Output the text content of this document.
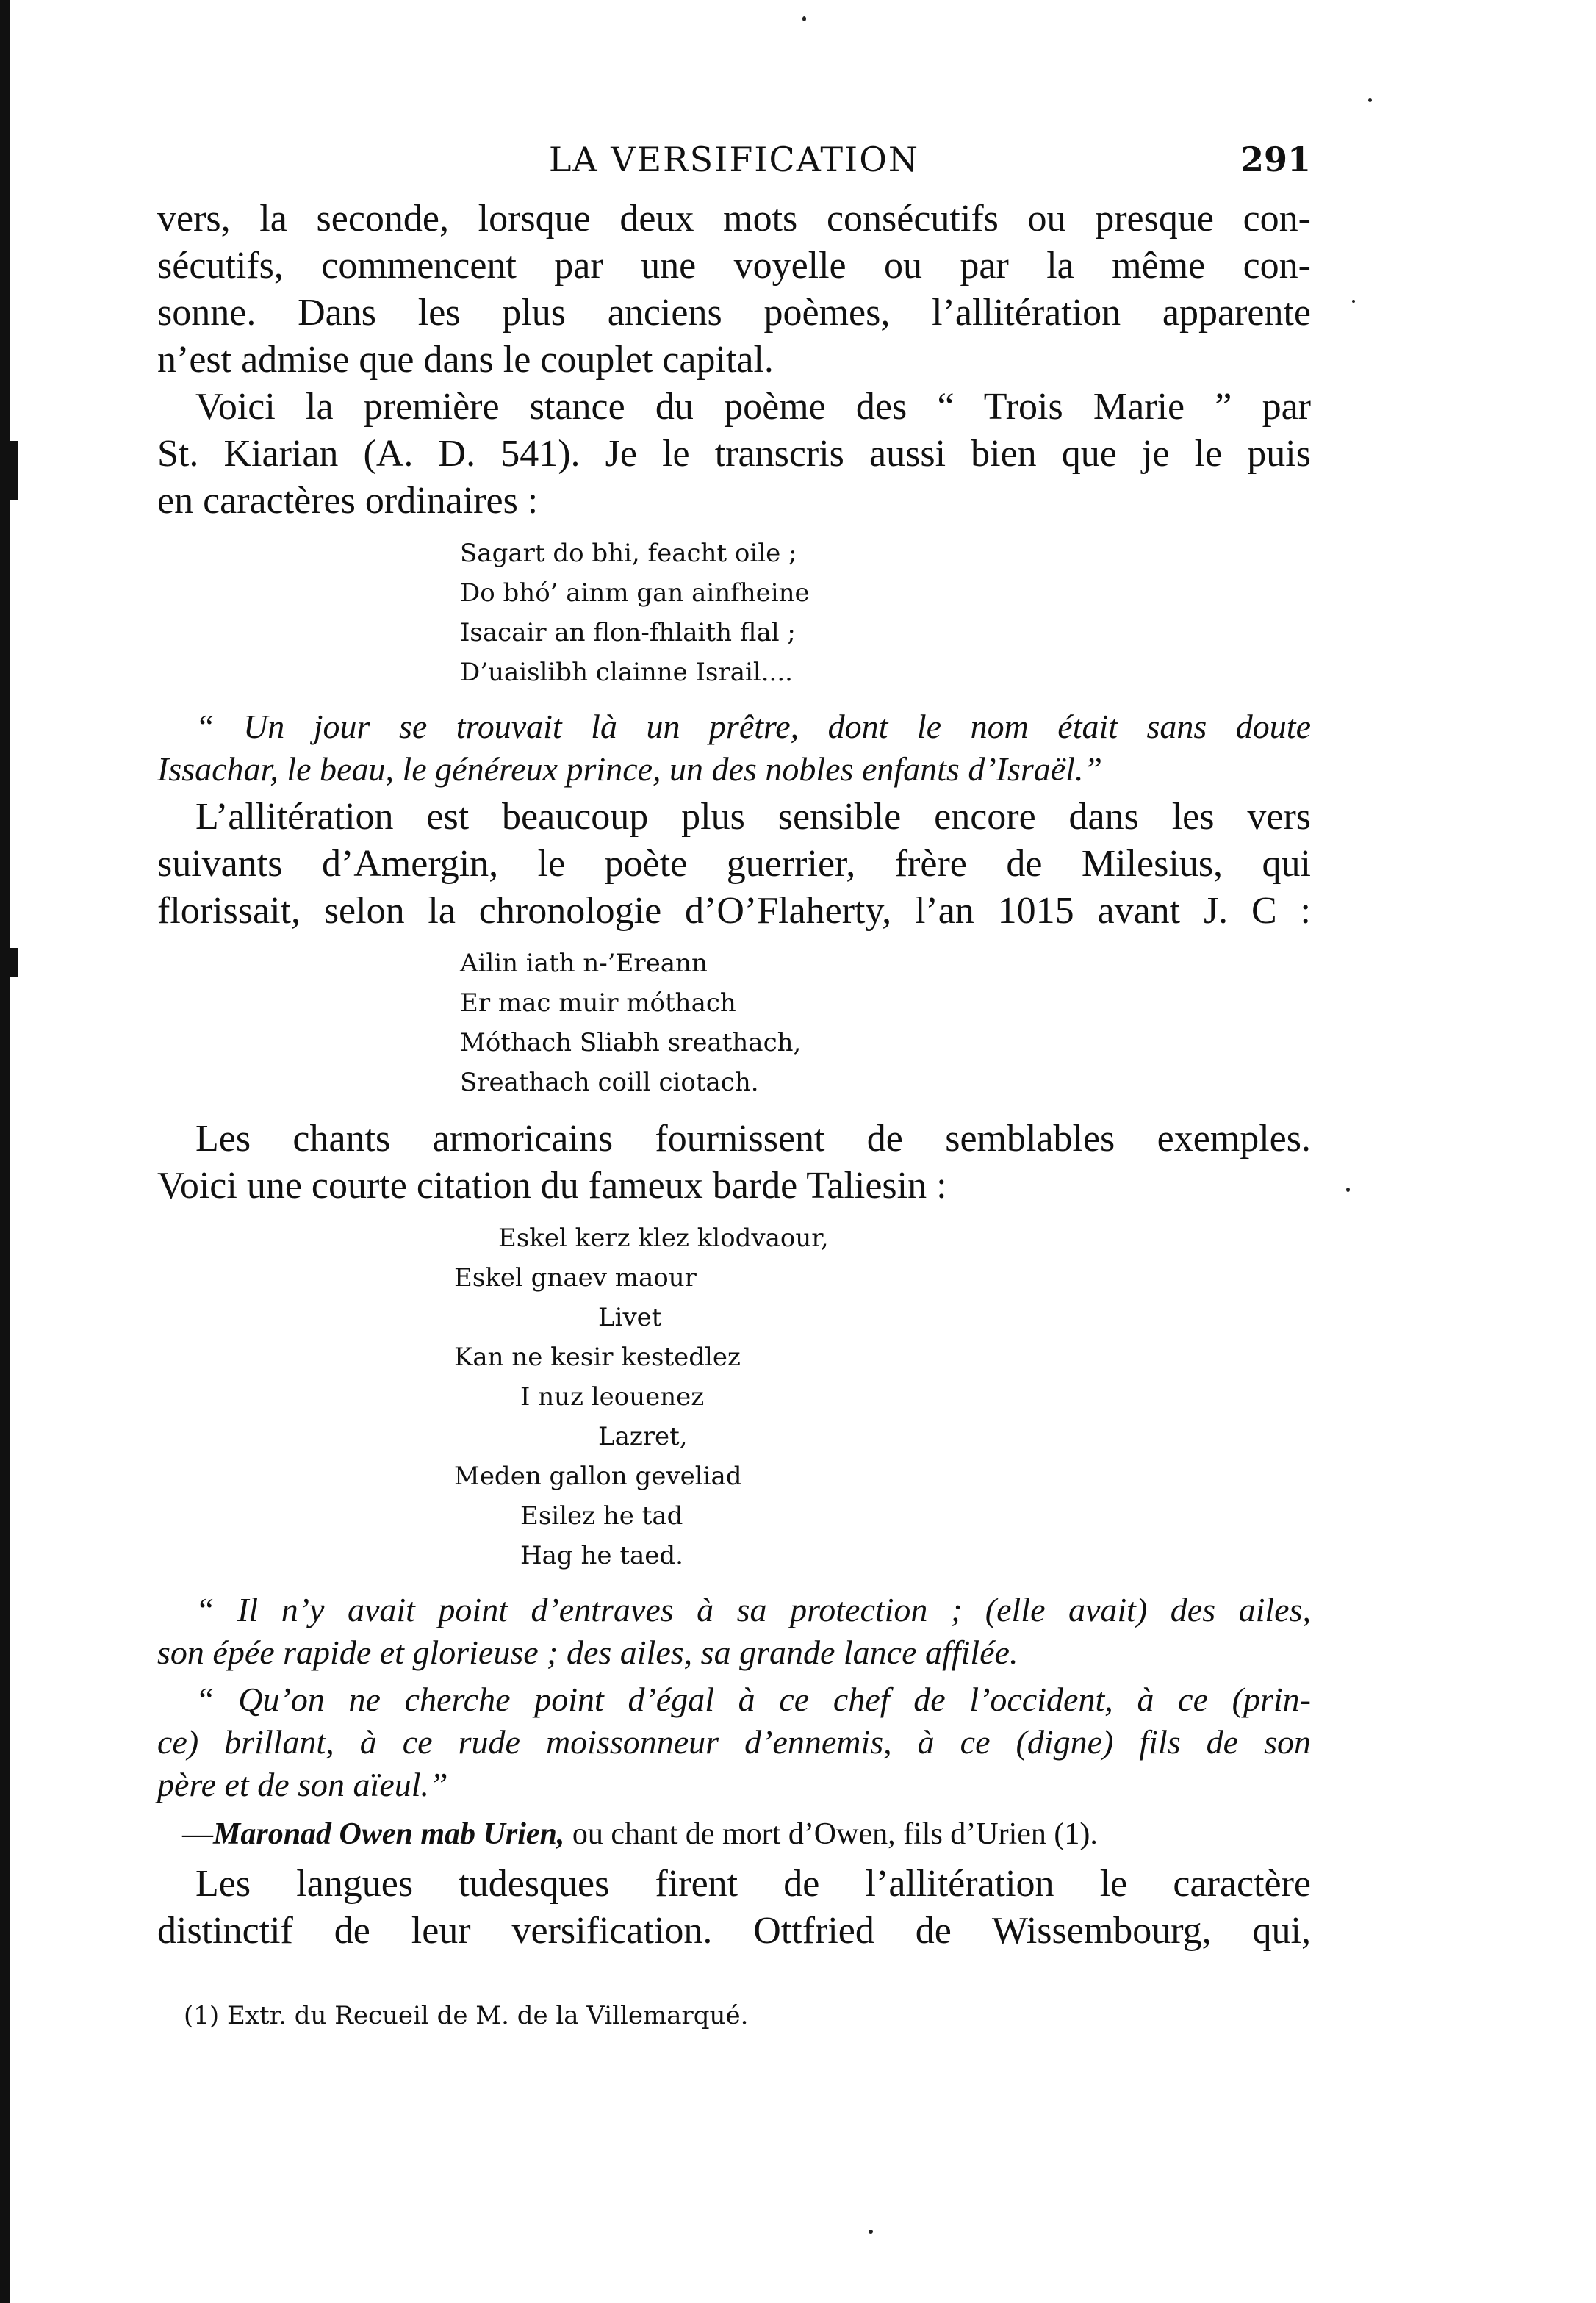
LA VERSIFICATION	291

vers, la seconde, lorsque deux mots consécutifs ou presque con-
sécutifs, commencent par une voyelle ou par la même con-
sonne. Dans les plus anciens poèmes, l’allitération apparente
n’est admise que dans le couplet capital.

Voici la première stance du poème des “ Trois Marie ” par
St. Kiarian (A. D. 541). Je le transcris aussi bien que je le puis
en caractères ordinaires :

Sagart do bhi, feacht oile ;
Do bhó’ ainm gan ainfheine
Isacair an flon-fhlaith flal ;
D’uaislibh clainne Israil....
“ Un jour se trouvait là un prêtre, dont le nom était sans doute
Issachar, le beau, le généreux prince, un des nobles enfants d’Israël.”

L’allitération est beaucoup plus sensible encore dans les vers
suivants d’Amergin, le poète guerrier, frère de Milesius, qui
florissait, selon la chronologie d’O’Flaherty, l’an 1015 avant J. C :

Ailin iath n-’Ereann
Er mac muir móthach
Móthach Sliabh sreathach,
Sreathach coill ciotach.

Les chants armoricains fournissent de semblables exemples.
Voici une courte citation du fameux barde Taliesin :

Eskel kerz klez klodvaour,
Eskel gnaev maour
Livet
Kan ne kesir kestedlez
I nuz leouenez
Lazret,
Meden gallon geveliad
Esilez he tad
Hag he taed.
“ Il n’y avait point d’entraves à sa protection ; (elle avait) des ailes,
son épée rapide et glorieuse ; des ailes, sa grande lance affilée.
“ Qu’on ne cherche point d’égal à ce chef de l’occident, à ce (prin-
ce) brillant, à ce rude moissonneur d’ennemis, à ce (digne) fils de son
père et de son aïeul.”
—Maronad Owen mab Urien, ou chant de mort d’Owen, fils d’Urien (1).

Les langues tudesques firent de l’allitération le caractère
distinctif de leur versification. Ottfried de Wissembourg, qui,

(1) Extr. du Recueil de M. de la Villemarqué.
